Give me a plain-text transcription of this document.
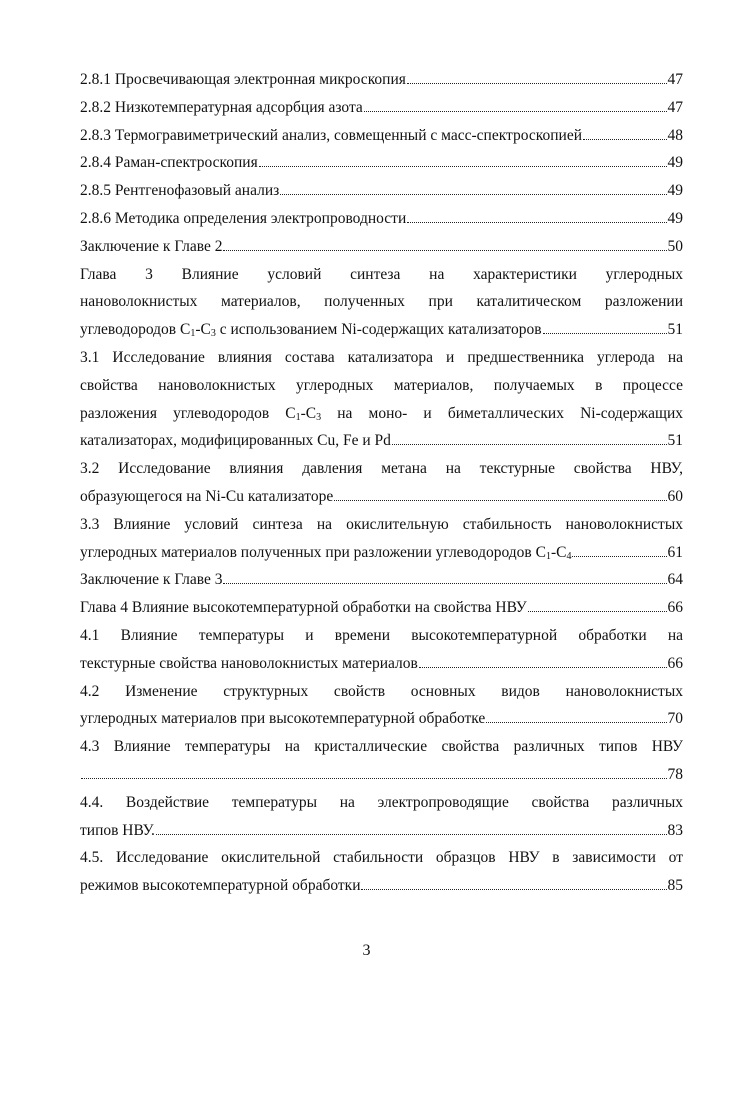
2.8.1 Просвечивающая электронная микроскопия	47
2.8.2 Низкотемпературная адсорбция азота	47
2.8.3 Термогравиметрический анализ, совмещенный с масс-спектроскопией	48
2.8.4 Раман-спектроскопия	49
2.8.5 Рентгенофазовый анализ	49
2.8.6 Методика определения электропроводности	49
Заключение к Главе 2	50
Глава 3 Влияние условий синтеза на характеристики углеродных
нановолокнистых материалов, полученных при каталитическом разложении
углеводородов $C_1-C_3$ с использованием Ni-содержащих катализаторов	51
3.1 Исследование влияния состава катализатора и предшественника углерода на
свойства нановолокнистых углеродных материалов, получаемых в процессе
разложения углеводородов $C_1-C_3$ на моно- и биметаллических Ni-содержащих
катализаторах, модифицированных Cu, Fe и Pd	51
3.2 Исследование влияния давления метана на текстурные свойства НВУ,
образующегося на Ni-Cu катализаторе	60
3.3 Влияние условий синтеза на окислительную стабильность нановолокнистых
углеродных материалов полученных при разложении углеводородов $C_1-C_4$	61
Заключение к Главе 3	64
Глава 4 Влияние высокотемпературной обработки на свойства НВУ	66
4.1 Влияние температуры и времени высокотемпературной обработки на
текстурные свойства нановолокнистых материалов	66
4.2 Изменение структурных свойств основных видов нановолокнистых
углеродных материалов при высокотемпературной обработке	70
4.3 Влияние температуры на кристаллические свойства различных типов НВУ
78
4.4. Воздействие температуры на электропроводящие свойства различных
типов НВУ.	83
4.5. Исследование окислительной стабильности образцов НВУ в зависимости от
режимов высокотемпературной обработки	85
3
